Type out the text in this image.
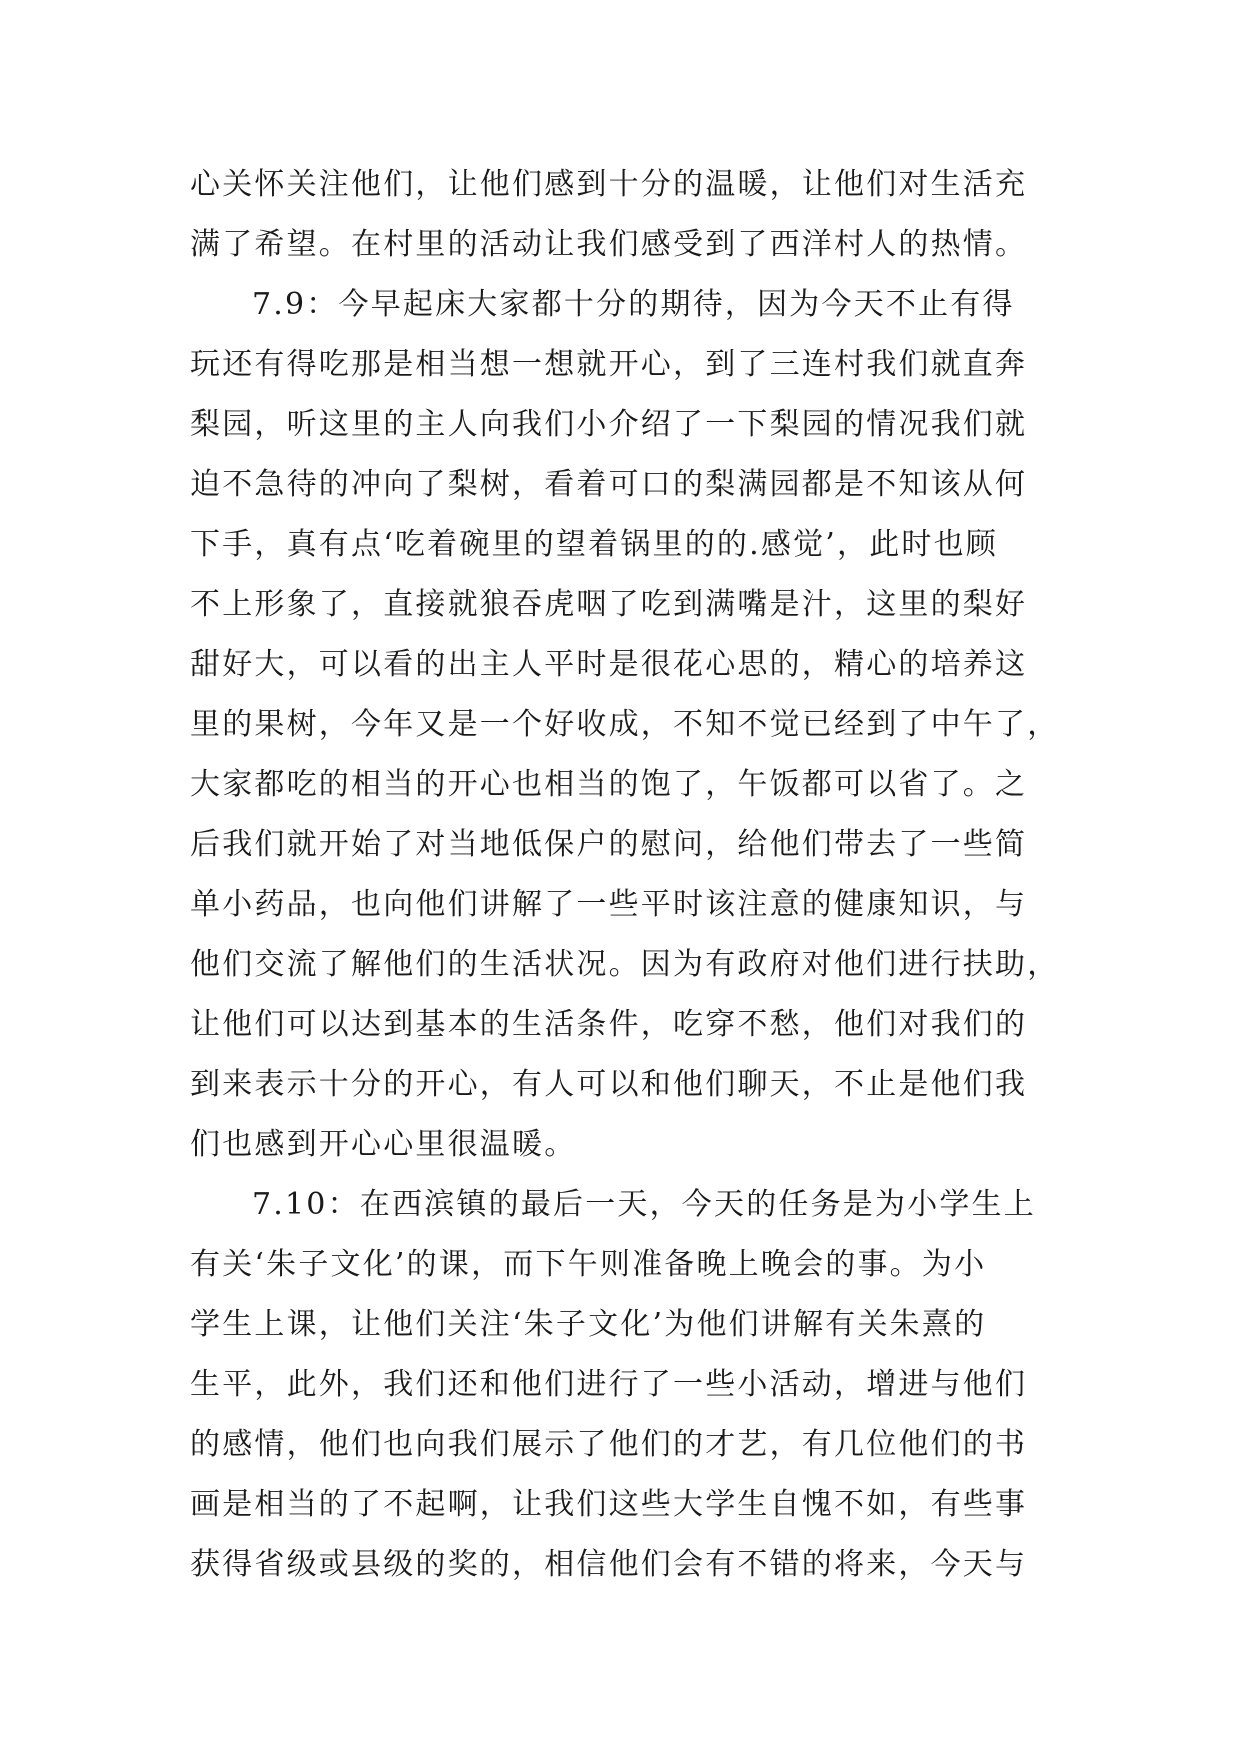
心关怀关注他们，让他们感到十分的温暖，让他们对生活充
满了希望。在村里的活动让我们感受到了西洋村人的热情。
7.9：今早起床大家都十分的期待，因为今天不止有得
玩还有得吃那是相当想一想就开心，到了三连村我们就直奔
梨园，听这里的主人向我们小介绍了一下梨园的情况我们就
迫不急待的冲向了梨树，看着可口的梨满园都是不知该从何
下手，真有点‘吃着碗里的望着锅里的的.感觉’，此时也顾
不上形象了，直接就狼吞虎咽了吃到满嘴是汁，这里的梨好
甜好大，可以看的出主人平时是很花心思的，精心的培养这
里的果树，今年又是一个好收成，不知不觉已经到了中午了，
大家都吃的相当的开心也相当的饱了，午饭都可以省了。之
后我们就开始了对当地低保户的慰问，给他们带去了一些简
单小药品，也向他们讲解了一些平时该注意的健康知识，与
他们交流了解他们的生活状况。因为有政府对他们进行扶助，
让他们可以达到基本的生活条件，吃穿不愁，他们对我们的
到来表示十分的开心，有人可以和他们聊天，不止是他们我
们也感到开心心里很温暖。
7.10：在西滨镇的最后一天，今天的任务是为小学生上
有关‘朱子文化’的课，而下午则准备晚上晚会的事。为小
学生上课，让他们关注‘朱子文化’为他们讲解有关朱熹的
生平，此外，我们还和他们进行了一些小活动，增进与他们
的感情，他们也向我们展示了他们的才艺，有几位他们的书
画是相当的了不起啊，让我们这些大学生自愧不如，有些事
获得省级或县级的奖的，相信他们会有不错的将来，今天与
